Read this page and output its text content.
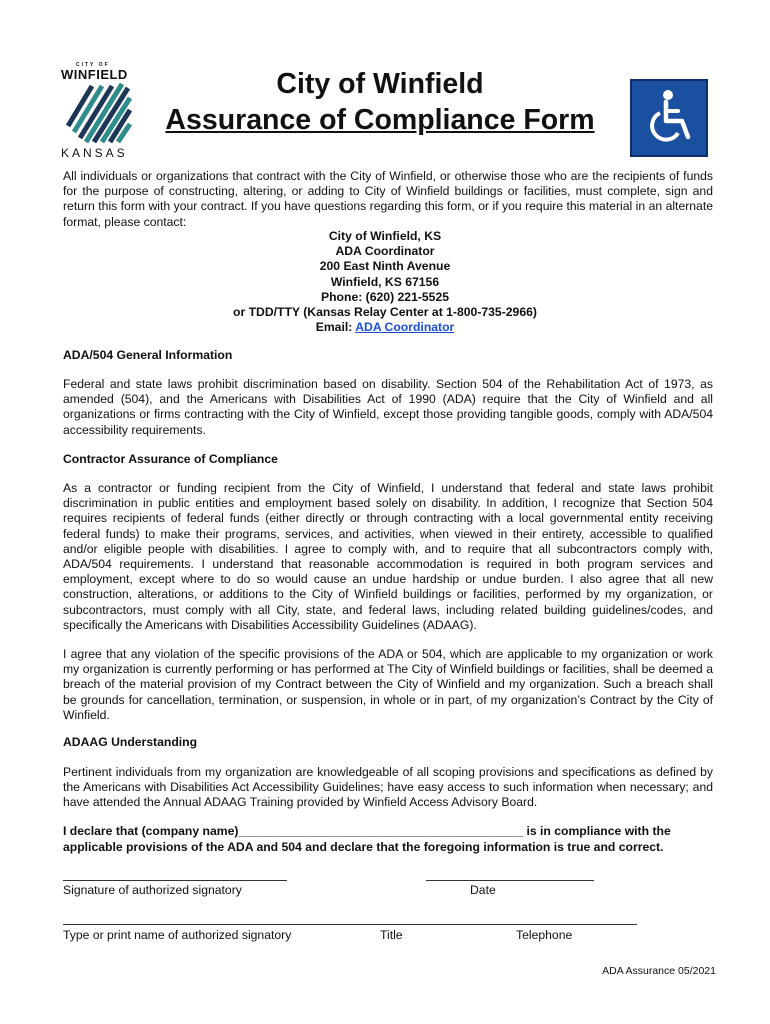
CITY OF
WINFIELD
KANSAS
City of Winfield
Assurance of Compliance Form
All individuals or organizations that contract with the City of Winfield, or otherwise those who are the recipients of funds for the purpose of constructing, altering, or adding to City of Winfield buildings or facilities, must complete, sign and return this form with your contract. If you have questions regarding this form, or if you require this material in an alternate format, please contact:
City of Winfield, KS
ADA Coordinator
200 East Ninth Avenue
Winfield, KS 67156
Phone: (620) 221-5525
or TDD/TTY (Kansas Relay Center at 1-800-735-2966)
Email: ADA Coordinator
ADA/504 General Information
Federal and state laws prohibit discrimination based on disability. Section 504 of the Rehabilitation Act of 1973, as amended (504), and the Americans with Disabilities Act of 1990 (ADA) require that the City of Winfield and all organizations or firms contracting with the City of Winfield, except those providing tangible goods, comply with ADA/504 accessibility requirements.
Contractor Assurance of Compliance
As a contractor or funding recipient from the City of Winfield, I understand that federal and state laws prohibit discrimination in public entities and employment based solely on disability. In addition, I recognize that Section 504 requires recipients of federal funds (either directly or through contracting with a local governmental entity receiving federal funds) to make their programs, services, and activities, when viewed in their entirety, accessible to qualified and/or eligible people with disabilities. I agree to comply with, and to require that all subcontractors comply with, ADA/504 requirements. I understand that reasonable accommodation is required in both program services and employment, except where to do so would cause an undue hardship or undue burden. I also agree that all new construction, alterations, or additions to the City of Winfield buildings or facilities, performed by my organization, or subcontractors, must comply with all City, state, and federal laws, including related building guidelines/codes, and specifically the Americans with Disabilities Accessibility Guidelines (ADAAG).
I agree that any violation of the specific provisions of the ADA or 504, which are applicable to my organization or work my organization is currently performing or has performed at The City of Winfield buildings or facilities, shall be deemed a breach of the material provision of my Contract between the City of Winfield and my organization. Such a breach shall be grounds for cancellation, termination, or suspension, in whole or in part, of my organization’s Contract by the City of Winfield.
ADAAG Understanding
Pertinent individuals from my organization are knowledgeable of all scoping provisions and specifications as defined by the Americans with Disabilities Act Accessibility Guidelines; have easy access to such information when necessary; and have attended the Annual ADAAG Training provided by Winfield Access Advisory Board.
I declare that (company name)__________________________________________ is in compliance with the applicable provisions of the ADA and 504 and declare that the foregoing information is true and correct.
Signature of authorized signatory	Date
Type or print name of authorized signatory	Title	Telephone
ADA Assurance 05/2021
